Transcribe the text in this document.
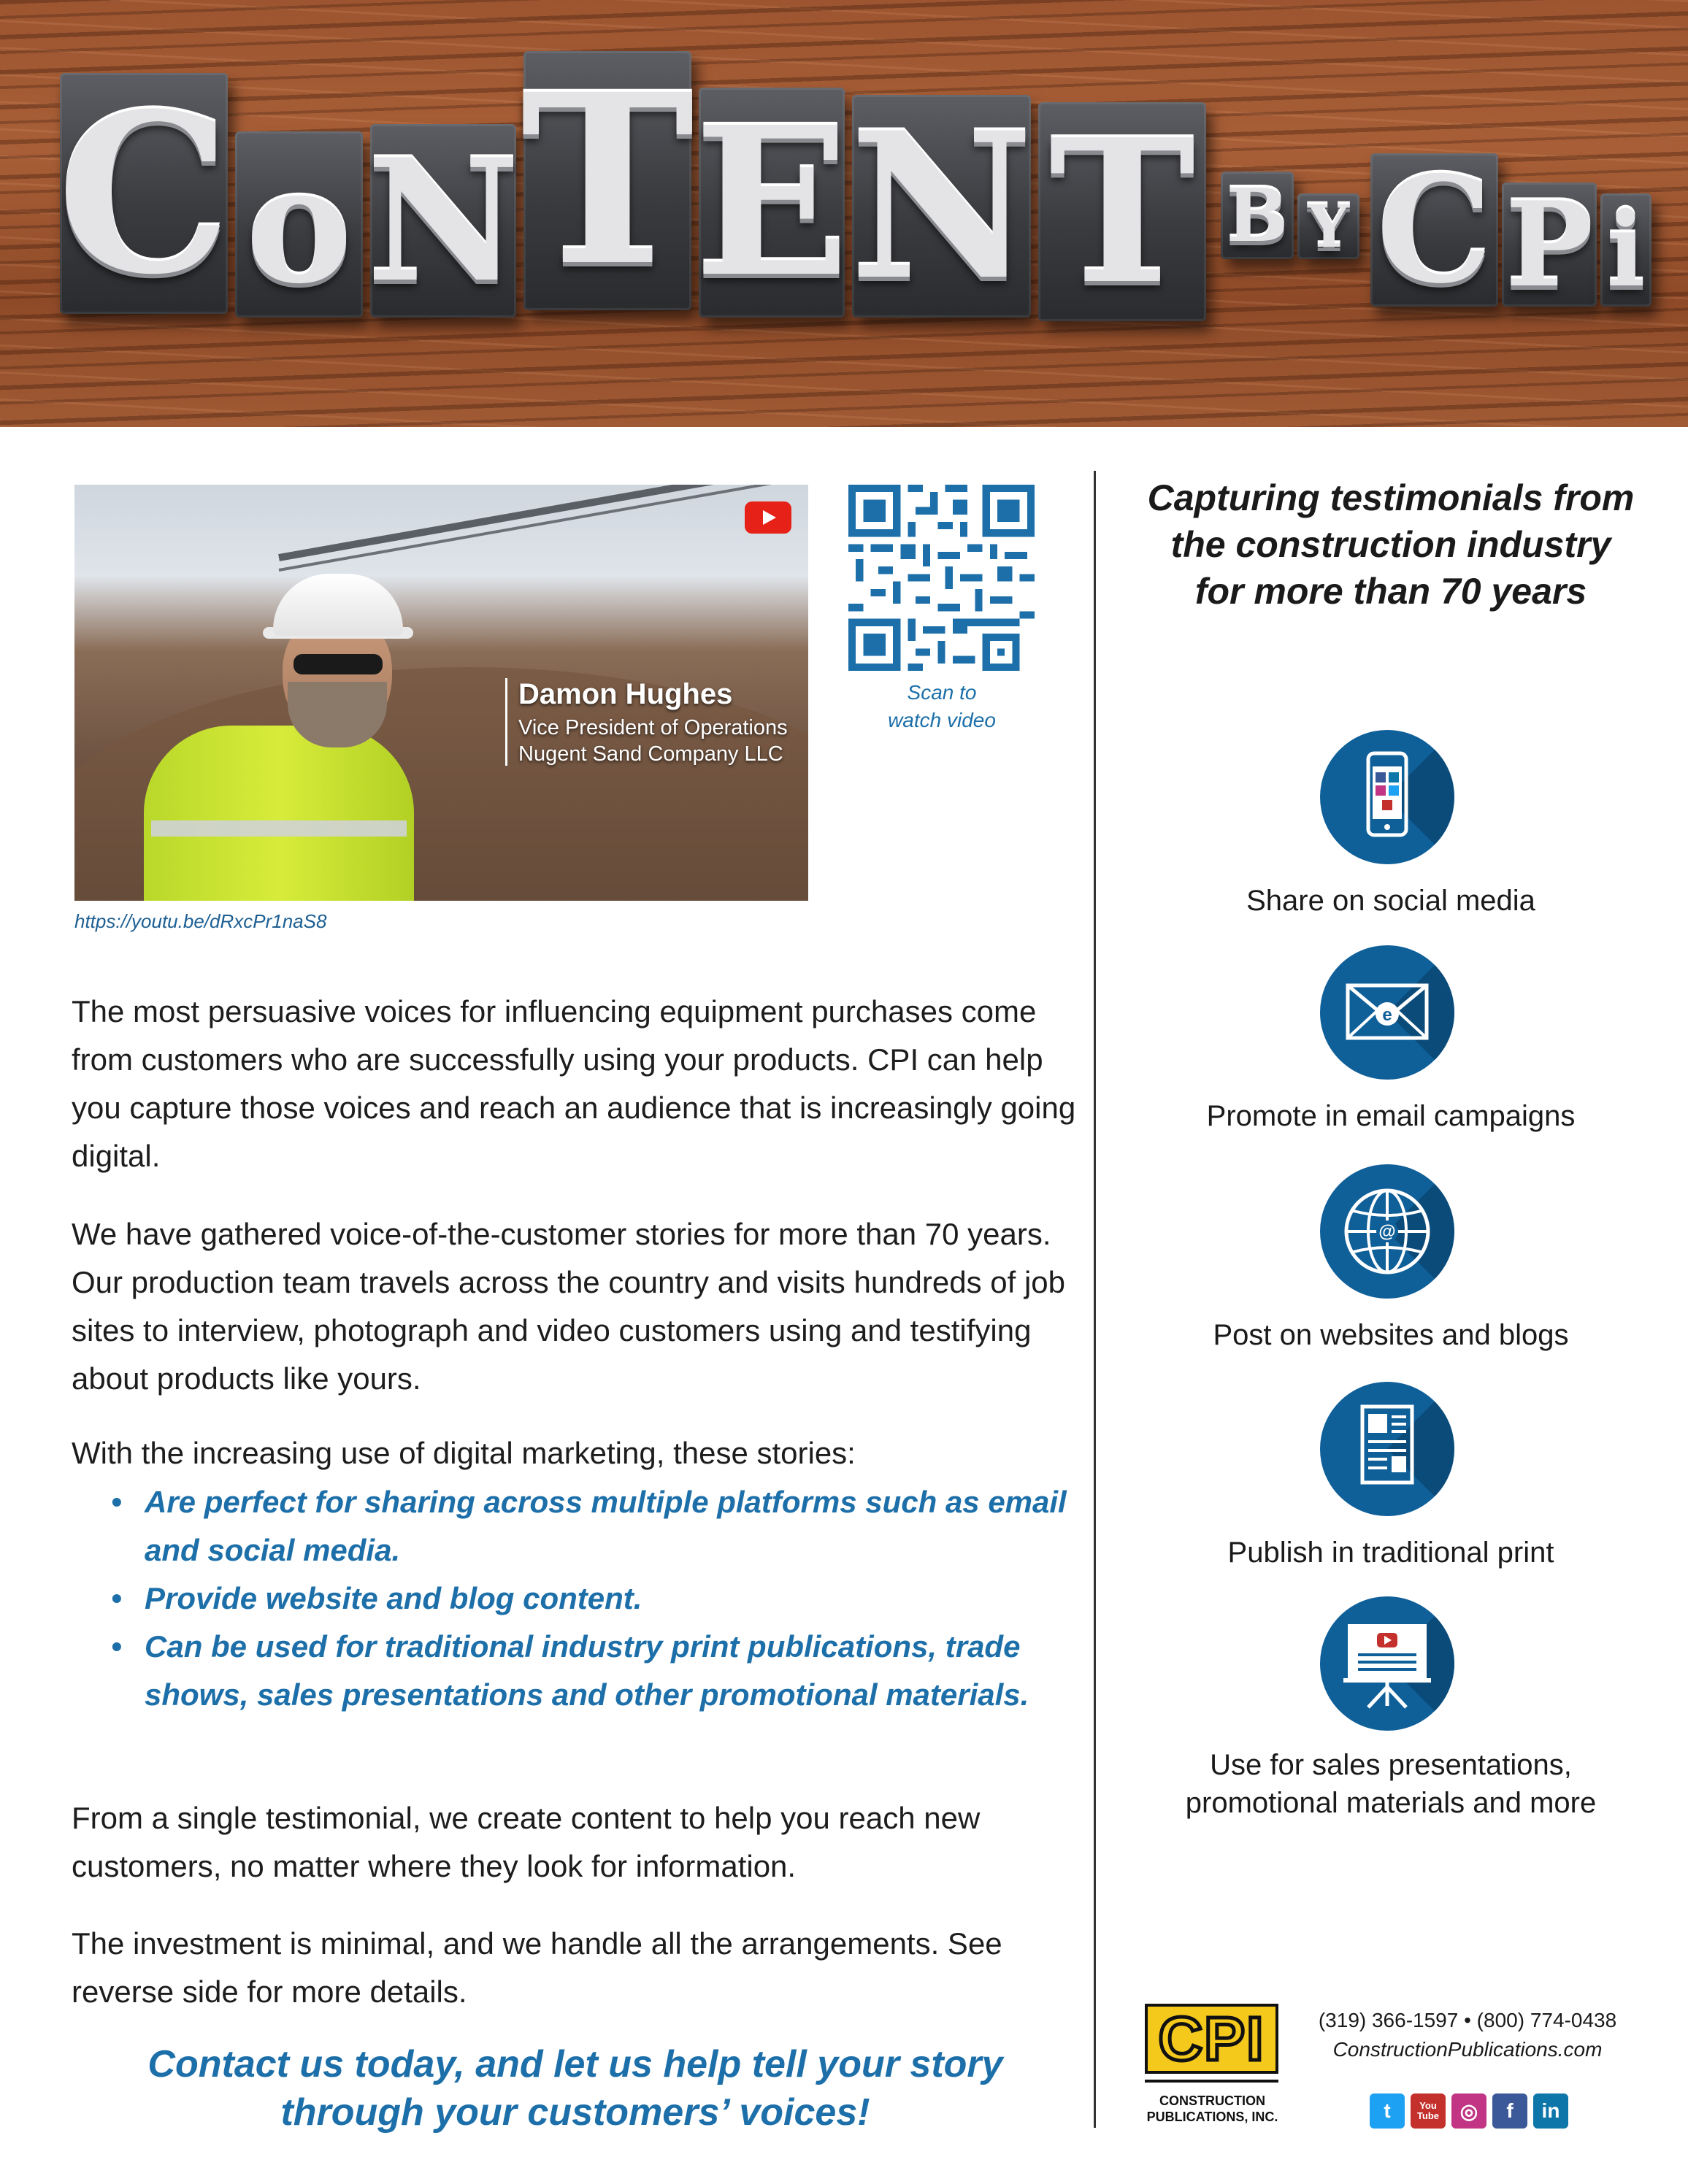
C o N T E N T B Y C P i
Damon Hughes
Vice President of Operations
Nugent Sand Company LLC
https://youtu.be/dRxcPr1naS8
Scan to
watch video

The most persuasive voices for influencing equipment purchases come from customers who are successfully using your products. CPI can help you capture those voices and reach an audience that is increasingly going digital.

We have gathered voice-of-the-customer stories for more than 70 years. Our production team travels across the country and visits hundreds of job sites to interview, photograph and video customers using and testifying about products like yours.

With the increasing use of digital marketing, these stories:

• Are perfect for sharing across multiple platforms such as email and social media.
• Provide website and blog content.
• Can be used for traditional industry print publications, trade shows, sales presentations and other promotional materials.

From a single testimonial, we create content to help you reach new customers, no matter where they look for information.

The investment is minimal, and we handle all the arrangements. See reverse side for more details.

Contact us today, and let us help tell your story
through your customers’ voices!
Capturing testimonials from
the construction industry
for more than 70 years
Share on social media
e
Promote in email campaigns
@
Post on websites and blogs
Publish in traditional print
Use for sales presentations,
promotional materials and more
CPI
CONSTRUCTION
PUBLICATIONS, INC.
(319) 366-1597 • (800) 774-0438
ConstructionPublications.com
t	You Tube	◎ f in
